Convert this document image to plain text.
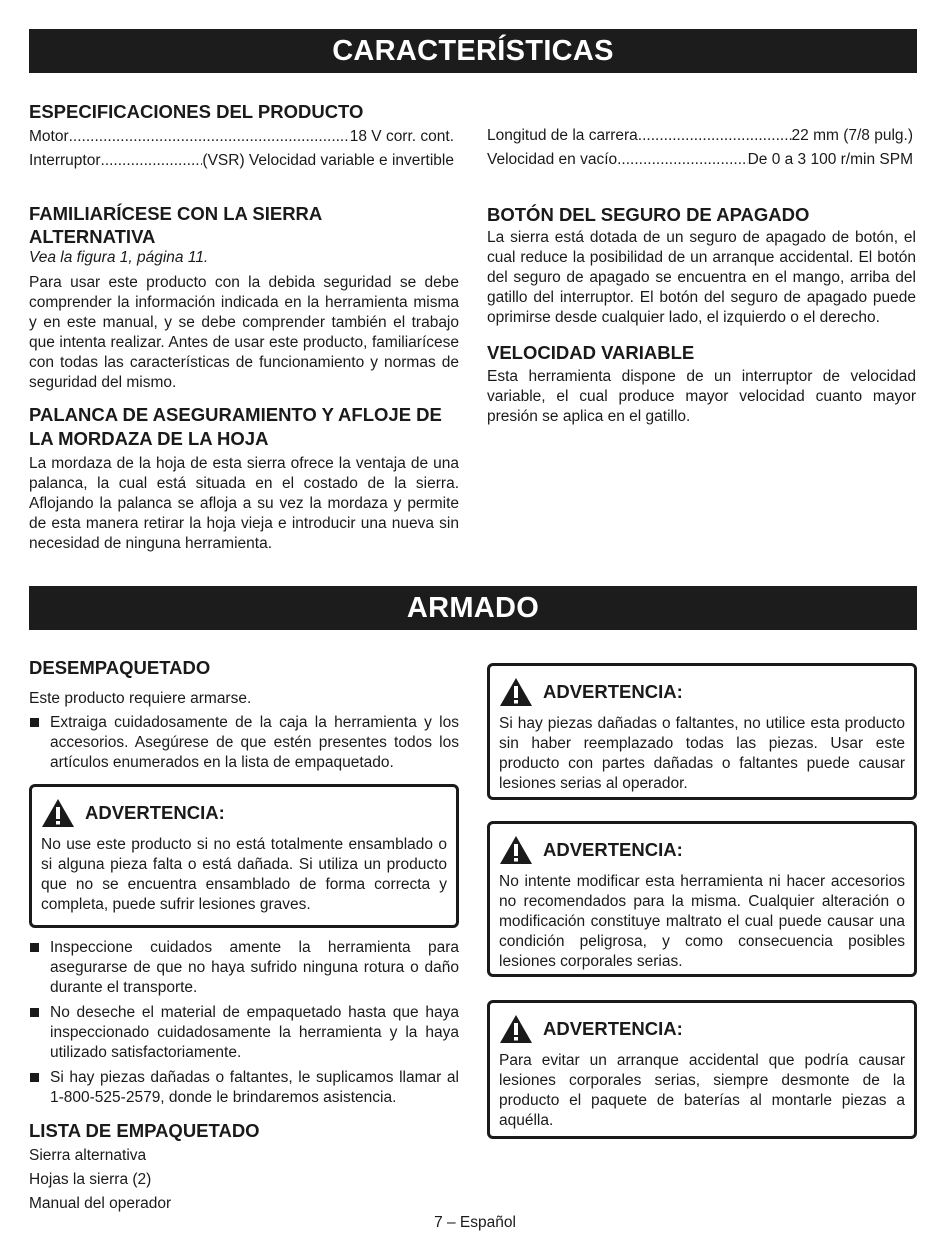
CARACTERÍSTICAS

ESPECIFICACIONES DEL PRODUCTO

Motor .....	18 V corr. cont.
Interruptor .....	(VSR) Velocidad variable e invertible
Longitud de la carrera .....	22 mm (7/8 pulg.)
Velocidad en vacío .....	De 0 a 3 100 r/min SPM

FAMILIARÍCESE CON LA SIERRA ALTERNATIVA

Vea la figura 1, página 11.

Para usar este producto con la debida seguridad se debe comprender la información indicada en la herramienta misma y en este manual, y se debe comprender también el trabajo que intenta realizar. Antes de usar este producto, familiarícese con todas las características de funcionamiento y normas de seguridad del mismo.

PALANCA DE ASEGURAMIENTO Y AFLOJE DE LA MORDAZA DE LA HOJA

La mordaza de la hoja de esta sierra ofrece la ventaja de una palanca, la cual está situada en el costado de la sierra. Aflojando la palanca se afloja a su vez la mordaza y permite de esta manera retirar la hoja vieja e introducir una nueva sin necesidad de ninguna herramienta.

BOTÓN DEL SEGURO DE APAGADO

La sierra está dotada de un seguro de apagado de botón, el cual reduce la posibilidad de un arranque accidental. El botón del seguro de apagado se encuentra en el mango, arriba del gatillo del interruptor. El botón del seguro de apagado puede oprimirse desde cualquier lado, el izquierdo o el derecho.

VELOCIDAD VARIABLE

Esta herramienta dispone de un interruptor de velocidad variable, el cual produce mayor velocidad cuanto mayor presión se aplica en el gatillo.

ARMADO

DESEMPAQUETADO

Este producto requiere armarse.

Extraiga cuidadosamente de la caja la herramienta y los accesorios. Asegúrese de que estén presentes todos los artículos enumerados en la lista de empaquetado.
ADVERTENCIA:

No use este producto si no está totalmente ensamblado o si alguna pieza falta o está dañada. Si utiliza un producto que no se encuentra ensamblado de forma correcta y completa, puede sufrir lesiones graves.

Inspeccione cuidados amente la herramienta para asegurarse de que no haya sufrido ninguna rotura o daño durante el transporte.
No deseche el material de empaquetado hasta que haya inspeccionado cuidadosamente la herramienta y la haya utilizado satisfactoriamente.
Si hay piezas dañadas o faltantes, le suplicamos llamar al 1-800-525-2579, donde le brindaremos asistencia.

LISTA DE EMPAQUETADO

Sierra alternativa
Hojas la sierra (2)
Manual del operador
ADVERTENCIA:

Si hay piezas dañadas o faltantes, no utilice esta producto sin haber reemplazado todas las piezas. Usar este producto con partes dañadas o faltantes puede causar lesiones serias al operador.

ADVERTENCIA:

No intente modificar esta herramienta ni hacer accesorios no recomendados para la misma. Cualquier alteración o modificación constituye maltrato el cual puede causar una condición peligrosa, y como consecuencia posibles lesiones corporales serias.

ADVERTENCIA:

Para evitar un arranque accidental que podría causar lesiones corporales serias, siempre desmonte de la producto el paquete de baterías al montarle piezas a aquélla.

7 – Español
